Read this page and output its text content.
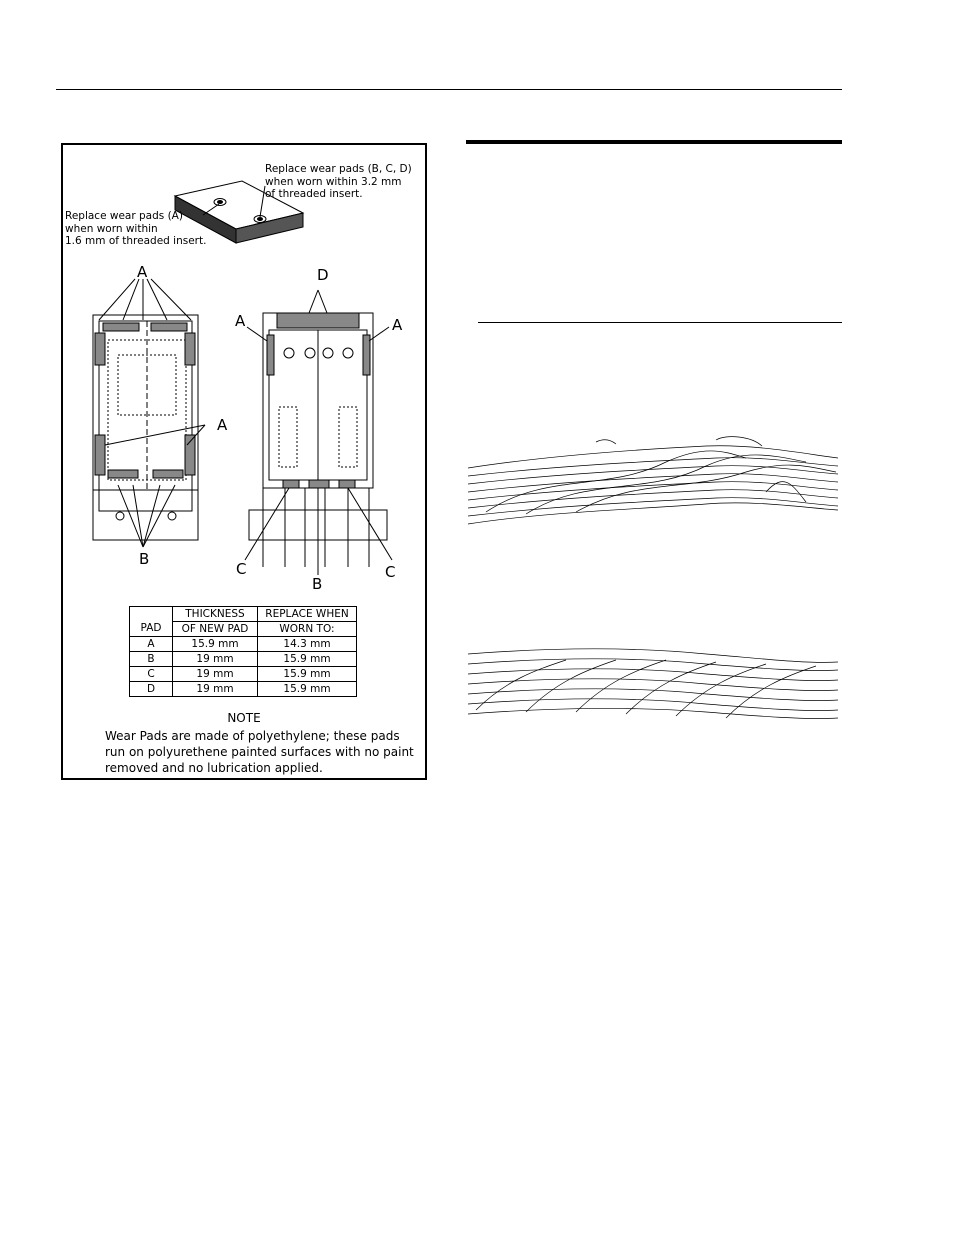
Replace wear pads (B, C, D)
when worn within 3.2 mm
of threaded insert.
Replace wear pads (A)
when worn within
1.6 mm of threaded insert.
A
A
B
D
A	A
C	C
B
PAD	THICKNESS	REPLACE WHEN
	OF NEW PAD	WORN TO:
A	15.9 mm	14.3 mm
B	19 mm	15.9 mm
C	19 mm	15.9 mm
D	19 mm	15.9 mm
NOTE
Wear Pads are made of polyethylene; these pads
run on polyurethene painted surfaces with no paint
removed and no lubrication applied.
